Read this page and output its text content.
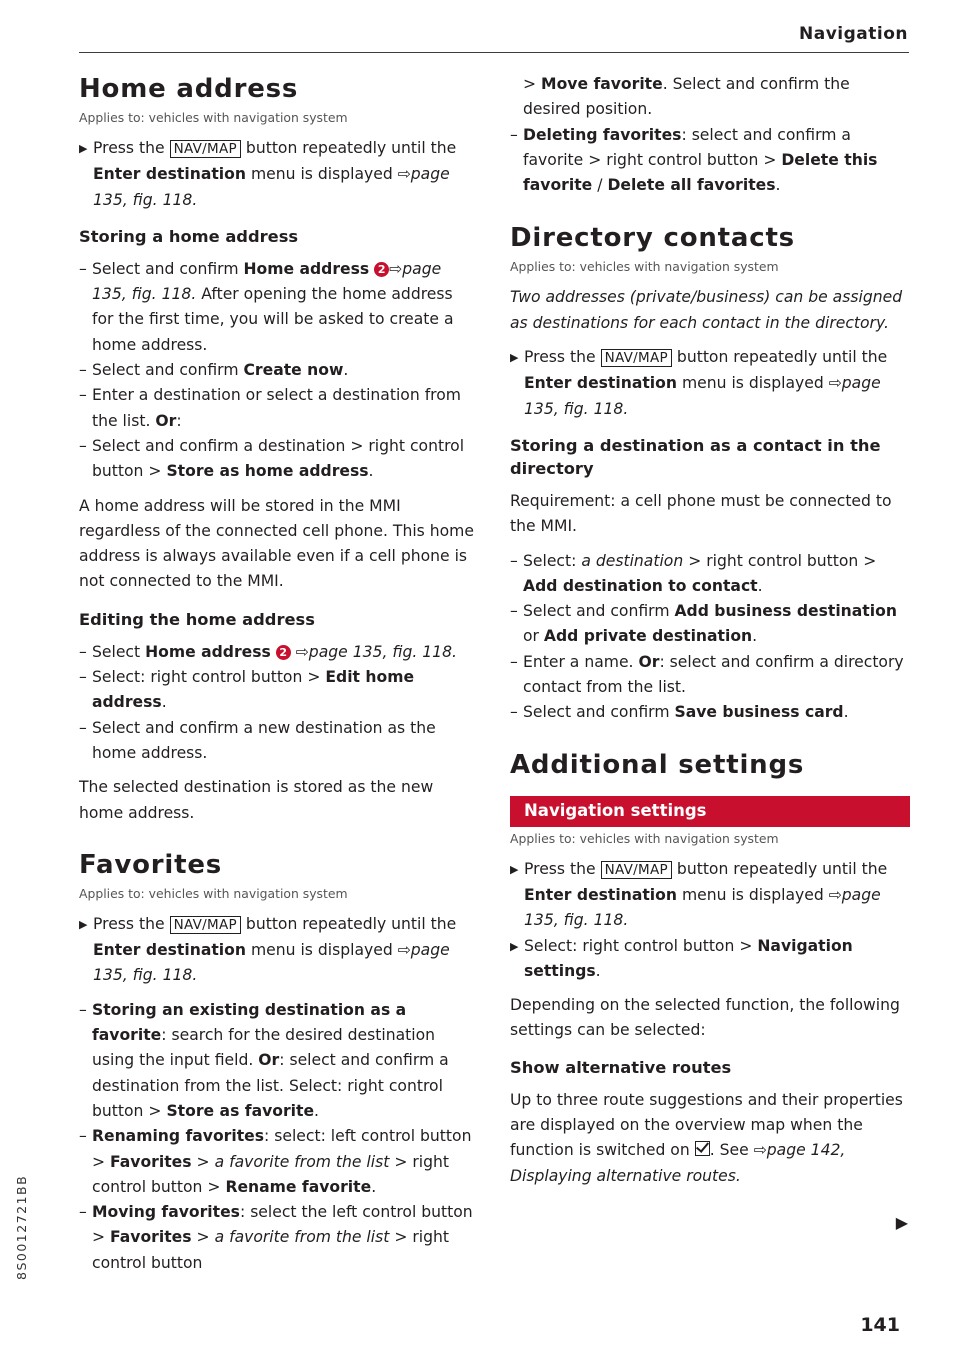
Navigation
Home address

Applies to: vehicles with navigation system

▶ Press the NAV/MAP button repeatedly until the Enter destination menu is displayed ⇨page 135, fig. 118.

Storing a home address

– Select and confirm Home address 2 ⇨page 135, fig. 118. After opening the home address for the first time, you will be asked to create a home address.

– Select and confirm Create now.

– Enter a destination or select a destination from the list. Or:

– Select and confirm a destination > right control button > Store as home address.

A home address will be stored in the MMI regardless of the connected cell phone. This home address is always available even if a cell phone is not connected to the MMI.

Editing the home address

– Select Home address 2 ⇨page 135, fig. 118.

– Select: right control button > Edit home address.

– Select and confirm a new destination as the home address.

The selected destination is stored as the new home address.

Favorites

Applies to: vehicles with navigation system

▶ Press the NAV/MAP button repeatedly until the Enter destination menu is displayed ⇨page 135, fig. 118.

– Storing an existing destination as a favorite: search for the desired destination using the input field. Or: select and confirm a destination from the list. Select: right control button > Store as favorite.

– Renaming favorites: select: left control button > Favorites > a favorite from the list > right control button > Rename favorite.

– Moving favorites: select the left control button > Favorites > a favorite from the list > right control button

> Move favorite. Select and confirm the desired position.

– Deleting favorites: select and confirm a favorite > right control button > Delete this favorite / Delete all favorites.

Directory contacts

Applies to: vehicles with navigation system

Two addresses (private/business) can be assigned as destinations for each contact in the directory.

▶ Press the NAV/MAP button repeatedly until the Enter destination menu is displayed ⇨page 135, fig. 118.

Storing a destination as a contact in the directory

Requirement: a cell phone must be connected to the MMI.

– Select: a destination > right control button > Add destination to contact.

– Select and confirm Add business destination or Add private destination.

– Enter a name. Or: select and confirm a directory contact from the list.

– Select and confirm Save business card.

Additional settings
Navigation settings

Applies to: vehicles with navigation system

▶ Press the NAV/MAP button repeatedly until the Enter destination menu is displayed ⇨page 135, fig. 118.

▶ Select: right control button > Navigation settings.

Depending on the selected function, the following settings can be selected:

Show alternative routes

Up to three route suggestions and their properties are displayed on the overview map when the function is switched on . See ⇨page 142, Displaying alternative routes.

▶
141
8S0012721BB
